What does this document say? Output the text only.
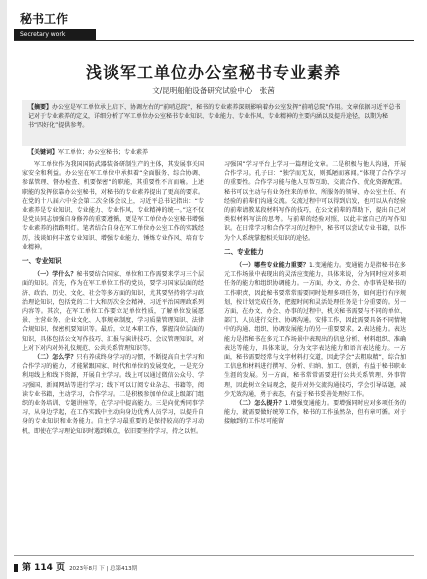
秘书工作
Secretary work
浅谈军工单位办公室秘书专业素养
文/昆明船舶设备研究试验中心　张茜
【摘要】办公室是军工单位承上启下、协调左右的“前哨总院”，秘书的专业素养深刻影响着办公室发挥“前哨总院”作用。文章依据习近平总书记对于专业素养的定义，详细分析了军工单位办公室秘书专业知识、专业能力、专业作风、专业精神的主要内涵以及提升途径，以期为秘书“四好化”提供参考。
【关键词】军工单位；办公室秘书；专业素养

军工单位作为我国国防武器装备研制生产的主体，其发展事关国家安全和利益。办公室在军工单位中承担着“全面服务、综合协调、参谋管理、督办检查、机要保密”的职能，其重要性不言而喻。上述职能的发挥依靠办公室秘书，对秘书的专业素养提出了更高的要求。在党的十八届六中全会第二次全体会议上，习近平总书记指出：“专业素养是专业知识、专业能力、专业作风、专业精神的统一。”这不仅是党员同志加强自身修养的重要遵循，更是军工单位办公室秘书增强专业素养的指路明灯。笔者结合自身在军工单位办公室工作的实践经历，浅谈如何丰富专业知识、增强专业能力、锤炼专业作风、培育专业精神。

一、专业知识

（一）学什么？秘书要结合国家、单位和工作需要来学习三个层面的知识。首先，作为在军工单位工作的党员，要学习国家层面的经济、政治、历史、文化、社会等多方面的知识，尤其要坚持将学习政治理论知识，包括党的二十大和历次全会精神、习近平治国理政系列内容等。其次，在军工单位工作要立足单位性质，了解单位发展愿景、主营业务、企业文化、人事规章制度，学习质量管理知识、法律合规知识、保密机要知识等。最后，立足本职工作，掌握岗位层面的知识，具体包括公文写作技巧、汇报与演讲技巧、会议管理知识，对上对下对内对外礼仪规范、公共关系管理知识等。

（二）怎么学？只有养成终身学习的习惯，不断提高自主学习和合作学习的能力，才能紧跟国家、时代和单位的发展变化，一是充分利用线上和线下资源，开展自主学习。线上可以通过微信公众号、学习强国、新闻网站等进行学习；线下可以订阅专业杂志、书籍等，阅读专业书籍，主动学习，合作学习。二是积极参加单位或上级部门组织的业务培训、专题讲座等，在学习中提高能力。三是向优秀同事学习，从身边学起，在工作实践中主动向身边优秀人员学习，以提升自身的专业知识和业务能力。自主学习最重要的是保持较高的学习动机，即使在学习理论知识时遇到难点，依旧要坚持学习，持之以恒。

习强国”学习平台上学习一篇理论文章。二是积极与他人沟通，开展合作学习。孔子曰：“独学而无友，则孤陋而寡闻。”体现了合作学习的重要性。合作学习能与他人互帮互助、交流合作、优化资源配置。秘书可以主动与有业务往来的单位、所服务的领导、办公室主任、有经验的前辈们沟通交流。交流过程中可以得到启发，也可以从有经验的前辈请教某段材料写作的技巧，在公文前辈的帮助下，提出自己对类似材料写法的思考。与前辈的经验对照，以此丰富自己的写作知识。在日常学习和合作学习的过程中，秘书可以尝试专业书籍，以作为个人系统掌握相关知识的途径。

二、专业能力

（一）哪些专业能力重要？1.变通能力。变通能力是指秘书在多元工作场景中表现出的灵活应变能力，具体来说，分为同时应对多项任务的能力和组织协调能力。一方面，办文、办会、办事皆是秘书的工作职责，因此秘书要常常需要同时处理多项任务，如何进行有序规划，按计划完成任务，把握时间和灵活处理任务是十分重要的。另一方面，在办文、办会、办事的过程中，机关秘书需要与不同的单位、部门、人员进行交往、协调沟通。安排工作，因此需要具备不同情境中的沟通、组织、协调发展能力的另一重要要求。2.表达能力。表达能力是指秘书在多元工作场景中表现出的信息分析、材料组织、准确表达等能力，具体来说，分为文字表达能力和语言表达能力。一方面，秘书需要经常与文字材料打交道，因此学会“去粗取精”，综合加工信息和材料进行撰写、分析、归纳、加工、创新，有益于秘书职业生涯的发展。另一方面，秘书常常需要进行公共关系管理、外事管理，因此树立全局观念，提升对外交流沟通技巧，学会引导话题，减少无效沟通，勇于表态，有益于秘书妥善处理好工作。

（二）怎么提升？1.增强变通能力。要增强同时应对多项任务的能力，就需要做好统筹工作，秘书的工作虽然杂，但有章可循。对于接触到的工作尽可能留

第 114 页 2023年8月 下 | 总第413期
